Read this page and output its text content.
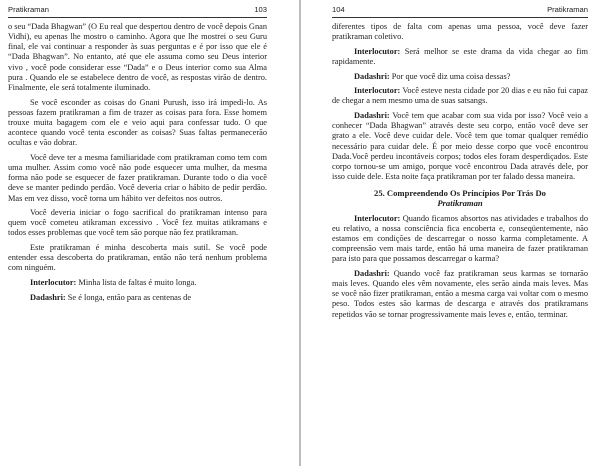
Pratikraman	103

o seu “Dada Bhagwan” (O Eu real que despertou dentro de você depois Gnan Vidhi), eu apenas lhe mostro o caminho. Agora que lhe mostrei o seu Guru final, ele vai continuar a responder às suas perguntas e é por isso que ele é “Dada Bhagwan”. No entanto, até que ele assuma como seu Deus interior vivo , você pode considerar esse “Dada” e o Deus interior como sua Alma pura . Quando ele se estabelece dentro de você, as respostas virão de dentro. Finalmente, ele será totalmente iluminado.

Se você esconder as coisas do Gnani Purush, isso irá impedi-lo. As pessoas fazem pratikraman a fim de trazer as coisas para fora. Esse homem trouxe muita bagagem com ele e veio aqui para confessar tudo. O que acontece quando você tenta esconder as coisas? Suas faltas permanecerão ocultas e vão dobrar.

Você deve ter a mesma familiaridade com pratikraman como tem com uma mulher. Assim como você não pode esquecer uma mulher, da mesma forma não pode se esquecer de fazer pratikraman. Durante todo o dia você deve se manter pedindo perdão. Você deveria criar o hábito de pedir perdão. Mas em vez disso, você torna um hábito ver defeitos nos outros.

Você deveria iniciar o fogo sacrifical do pratikraman intenso para quem você cometeu atikraman excessivo . Você fez muitas atikramans e todos esses problemas que você tem são porque não fez pratikraman.

Este pratikraman é minha descoberta mais sutil. Se você pode entender essa descoberta do pratikraman, então não terá nenhum problema com ninguém.

Interlocutor: Minha lista de faltas é muito longa.

Dadashri: Se é longa, então para as centenas de

104	Pratikraman

diferentes tipos de falta com apenas uma pessoa, você deve fazer pratikraman coletivo.

Interlocutor: Será melhor se este drama da vida chegar ao fim rapidamente.

Dadashri: Por que você diz uma coisa dessas?

Interlocutor: Você esteve nesta cidade por 20 dias e eu não fui capaz de chegar a nem mesmo uma de suas satsangs.

Dadashri: Você tem que acabar com sua vida por isso? Você veio a conhecer “Dada Bhagwan” através deste seu corpo, então você deve ser grato a ele. Você deve cuidar dele. Você tem que tomar qualquer remédio necessário para cuidar dele. É por meio desse corpo que você encontrou Dada.Você perdeu incontáveis corpos; todos eles foram desperdiçados. Este corpo tornou-se um amigo, porque você encontrou Dada através dele, por isso cuide dele. Esta noite faça pratikraman por ter falado dessa maneira.

25. Compreendendo Os Princípios Por Trás Do
Pratikraman

Interlocutor: Quando ficamos absortos nas atividades e trabalhos do eu relativo, a nossa consciência fica encoberta e, conseqüentemente, não estamos em condições de descarregar o nosso karma completamente. A compreensão vem mais tarde, então há uma maneira de fazer pratikraman para isto para que possamos descarregar o karma?

Dadashri: Quando você faz pratikraman seus karmas se tornarão mais leves. Quando eles vêm novamente, eles serão ainda mais leves. Mas se você não fizer pratikraman, então a mesma carga vai voltar com o mesmo peso. Todos estes são karmas de descarga e através dos pratikramans repetidos vão se tornar progressivamente mais leves e, então, terminar.
